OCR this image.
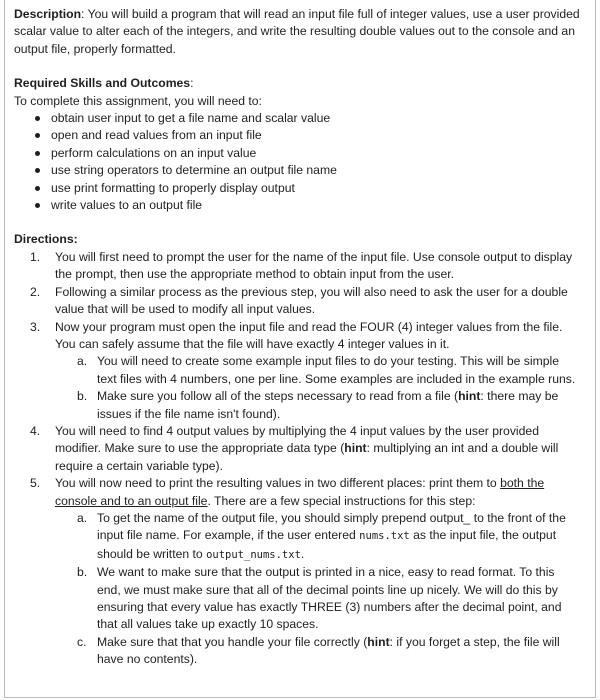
Description: You will build a program that will read an input file full of integer values, use a user provided scalar value to alter each of the integers, and write the resulting double values out to the console and an output file, properly formatted.

Required Skills and Outcomes:

To complete this assignment, you will need to:

obtain user input to get a file name and scalar value
open and read values from an input file
perform calculations on an input value
use string operators to determine an output file name
use print formatting to properly display output
write values to an output file

Directions:

1. You will first need to prompt the user for the name of the input file. Use console output to display the prompt, then use the appropriate method to obtain input from the user.
2. Following a similar process as the previous step, you will also need to ask the user for a double value that will be used to modify all input values.
3. Now your program must open the input file and read the FOUR (4) integer values from the file. You can safely assume that the file will have exactly 4 integer values in it.
a. You will need to create some example input files to do your testing. This will be simple text files with 4 numbers, one per line. Some examples are included in the example runs.
b. Make sure you follow all of the steps necessary to read from a file (hint: there may be issues if the file name isn't found).
4. You will need to find 4 output values by multiplying the 4 input values by the user provided modifier. Make sure to use the appropriate data type (hint: multiplying an int and a double will require a certain variable type).
5. You will now need to print the resulting values in two different places: print them to both the console and to an output file. There are a few special instructions for this step:
a. To get the name of the output file, you should simply prepend output_ to the front of the input file name. For example, if the user entered nums.txt as the input file, the output should be written to output_nums.txt.
b. We want to make sure that the output is printed in a nice, easy to read format. To this end, we must make sure that all of the decimal points line up nicely. We will do this by ensuring that every value has exactly THREE (3) numbers after the decimal point, and that all values take up exactly 10 spaces.
c. Make sure that that you handle your file correctly (hint: if you forget a step, the file will have no contents).
